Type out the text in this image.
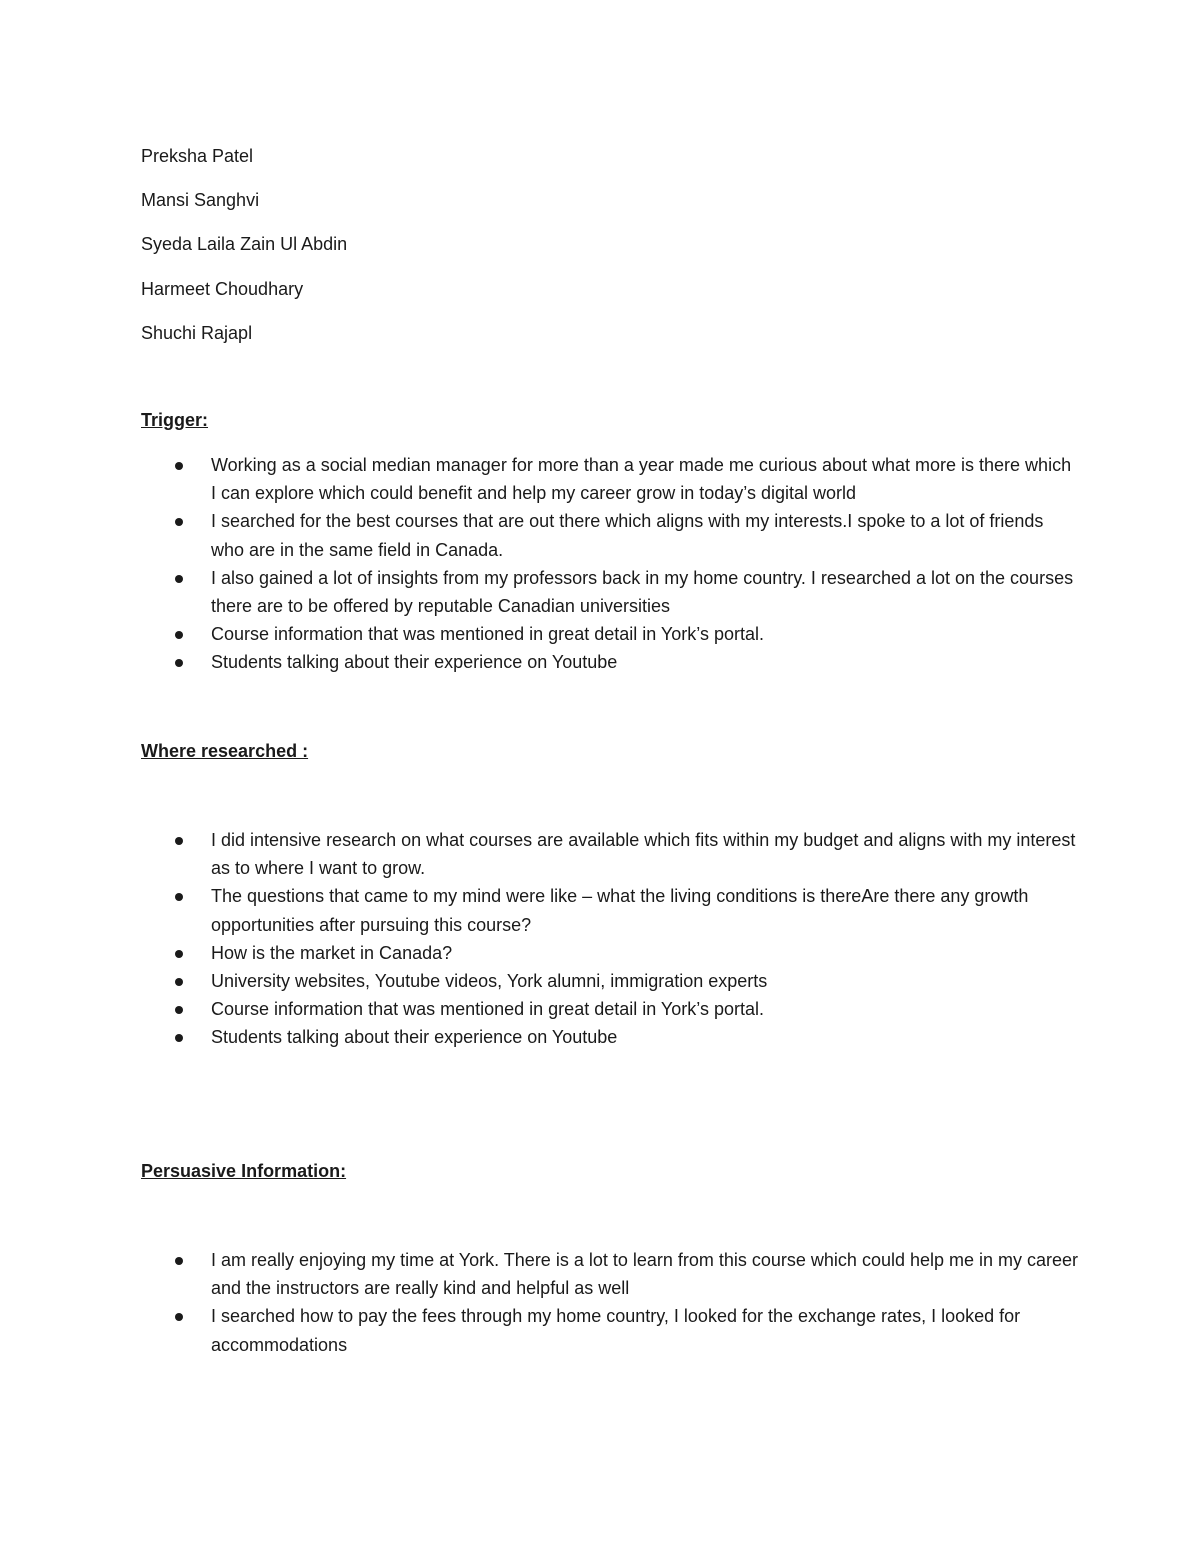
Preksha Patel
Mansi Sanghvi
Syeda Laila Zain Ul Abdin
Harmeet Choudhary
Shuchi Rajapl
Trigger:
Working as a social median manager for more than a year made me curious about what more is there which I can explore which could benefit and help my career grow in today’s digital world
I searched for the best courses that are out there which aligns with my interests.I spoke to a lot of friends who are in the same field in Canada.
I also gained a lot of insights from my professors back in my home country. I researched a lot on the courses there are to be offered by reputable Canadian universities
Course information that was mentioned in great detail in York’s portal.
Students talking about their experience on Youtube
Where researched :
I did intensive research on what courses are available which fits within my budget and aligns with my interest as to where I want to grow.
The questions that came to my mind were like – what the living conditions is thereAre there any growth opportunities after pursuing this course?
How is the market in Canada?
University websites, Youtube videos, York alumni, immigration experts
Course information that was mentioned in great detail in York’s portal.
Students talking about their experience on Youtube
Persuasive Information:
I am really enjoying my time at York. There is a lot to learn from this course which could help me in my career and the instructors are really kind and helpful as well
I searched how to pay the fees through my home country, I looked for the exchange rates, I looked for accommodations
